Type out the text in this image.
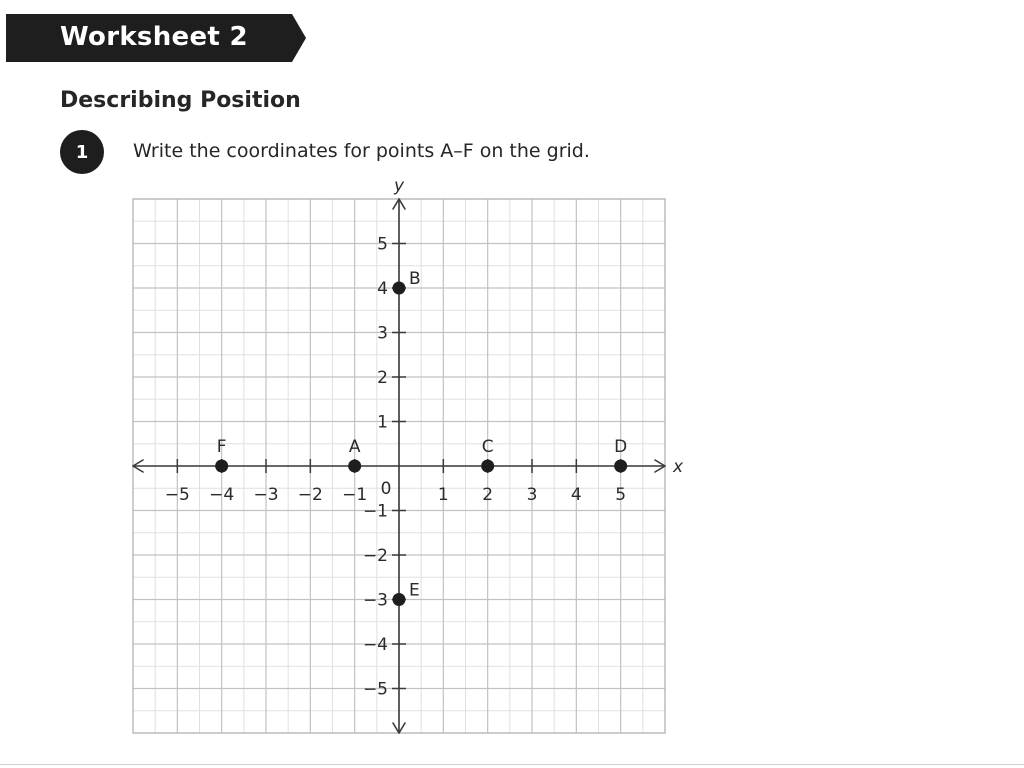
Worksheet 2
Describing Position
1	Write the coordinates for points A–F on the grid.
x
y
−5 −4 −3 −2 −1	1 2 3 4 5
5
4
3
2
1
−1
−2
−3
−4
−5
0
A
B
C	D
E
F
